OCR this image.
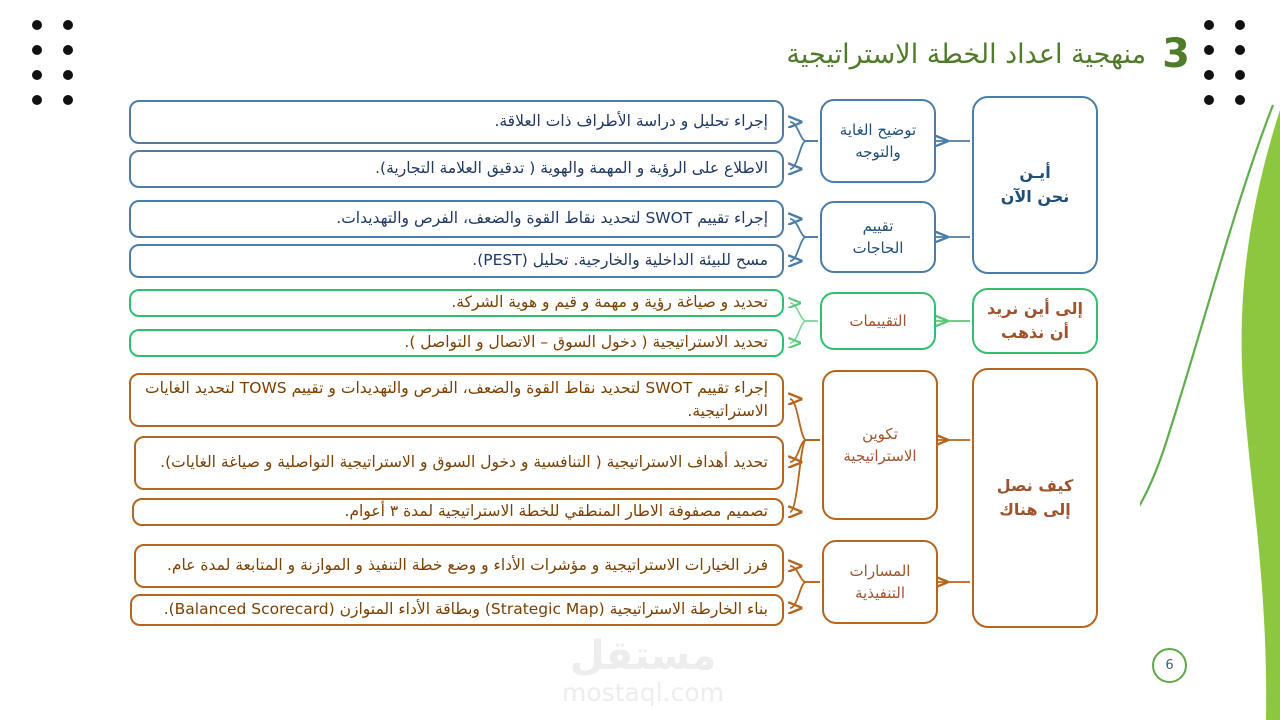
3
منهجية اعداد الخطة الاستراتيجية
أيـن
نحن الآن
إلى أين نريد
أن نذهب
كيف نصل
إلى هناك
توضيح الغاية
والتوجه
تقييم
الحاجات
التقييمات
تكوين
الاستراتيجية
المسارات
التنفيذية
إجراء تحليل و دراسة الأطراف ذات العلاقة.
الاطلاع على الرؤية و المهمة والهوية ( تدقيق العلامة التجارية).
إجراء تقييم SWOT لتحديد نقاط القوة والضعف، الفرص والتهديدات.
مسح للبيئة الداخلية والخارجية. تحليل (PEST).
تحديد و صياغة رؤية و مهمة و قيم و هوية الشركة.
تحديد الاستراتيجية ( دخول السوق – الاتصال و التواصل ).
إجراء تقييم SWOT لتحديد نقاط القوة والضعف، الفرص والتهديدات و تقييم TOWS لتحديد الغايات الاستراتيجية.
تحديد أهداف الاستراتيجية ( التنافسية و دخول السوق و الاستراتيجية التواصلية و صياغة الغايات).
تصميم مصفوفة الاطار المنطقي للخطة الاستراتيجية لمدة ٣ أعوام.
فرز الخيارات الاستراتيجية و مؤشرات الأداء و وضع خطة التنفيذ و الموازنة و المتابعة لمدة عام.
بناء الخارطة الاستراتيجية (Strategic Map) وبطاقة الأداء المتوازن (Balanced Scorecard).
مستقل
mostaql.com
6
